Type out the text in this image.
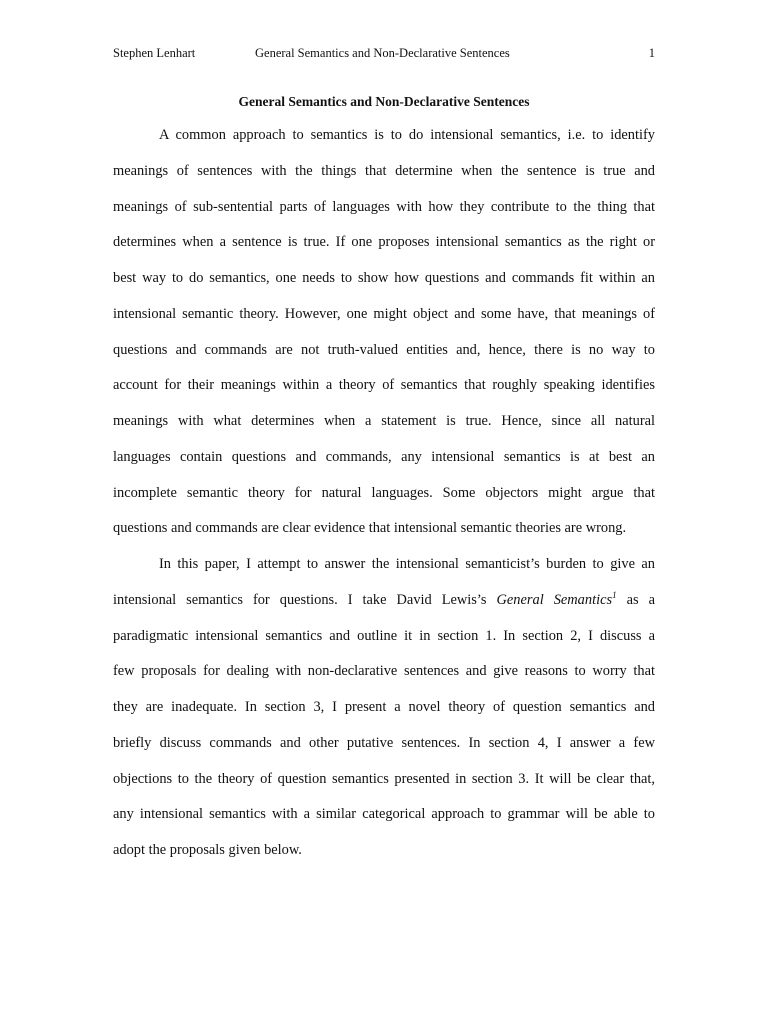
Stephen Lenhart	General Semantics and Non-Declarative Sentences	1
General Semantics and Non-Declarative Sentences
A common approach to semantics is to do intensional semantics, i.e. to identify
meanings of sentences with the things that determine when the sentence is true and
meanings of sub-sentential parts of languages with how they contribute to the thing that
determines when a sentence is true. If one proposes intensional semantics as the right or
best way to do semantics, one needs to show how questions and commands fit within an
intensional semantic theory. However, one might object and some have, that meanings of
questions and commands are not truth-valued entities and, hence, there is no way to
account for their meanings within a theory of semantics that roughly speaking identifies
meanings with what determines when a statement is true. Hence, since all natural
languages contain questions and commands, any intensional semantics is at best an
incomplete semantic theory for natural languages. Some objectors might argue that
questions and commands are clear evidence that intensional semantic theories are wrong.
In this paper, I attempt to answer the intensional semanticist’s burden to give an
intensional semantics for questions. I take David Lewis’s General Semantics$^1$ as a
paradigmatic intensional semantics and outline it in section 1. In section 2, I discuss a
few proposals for dealing with non-declarative sentences and give reasons to worry that
they are inadequate. In section 3, I present a novel theory of question semantics and
briefly discuss commands and other putative sentences. In section 4, I answer a few
objections to the theory of question semantics presented in section 3. It will be clear that,
any intensional semantics with a similar categorical approach to grammar will be able to
adopt the proposals given below.
